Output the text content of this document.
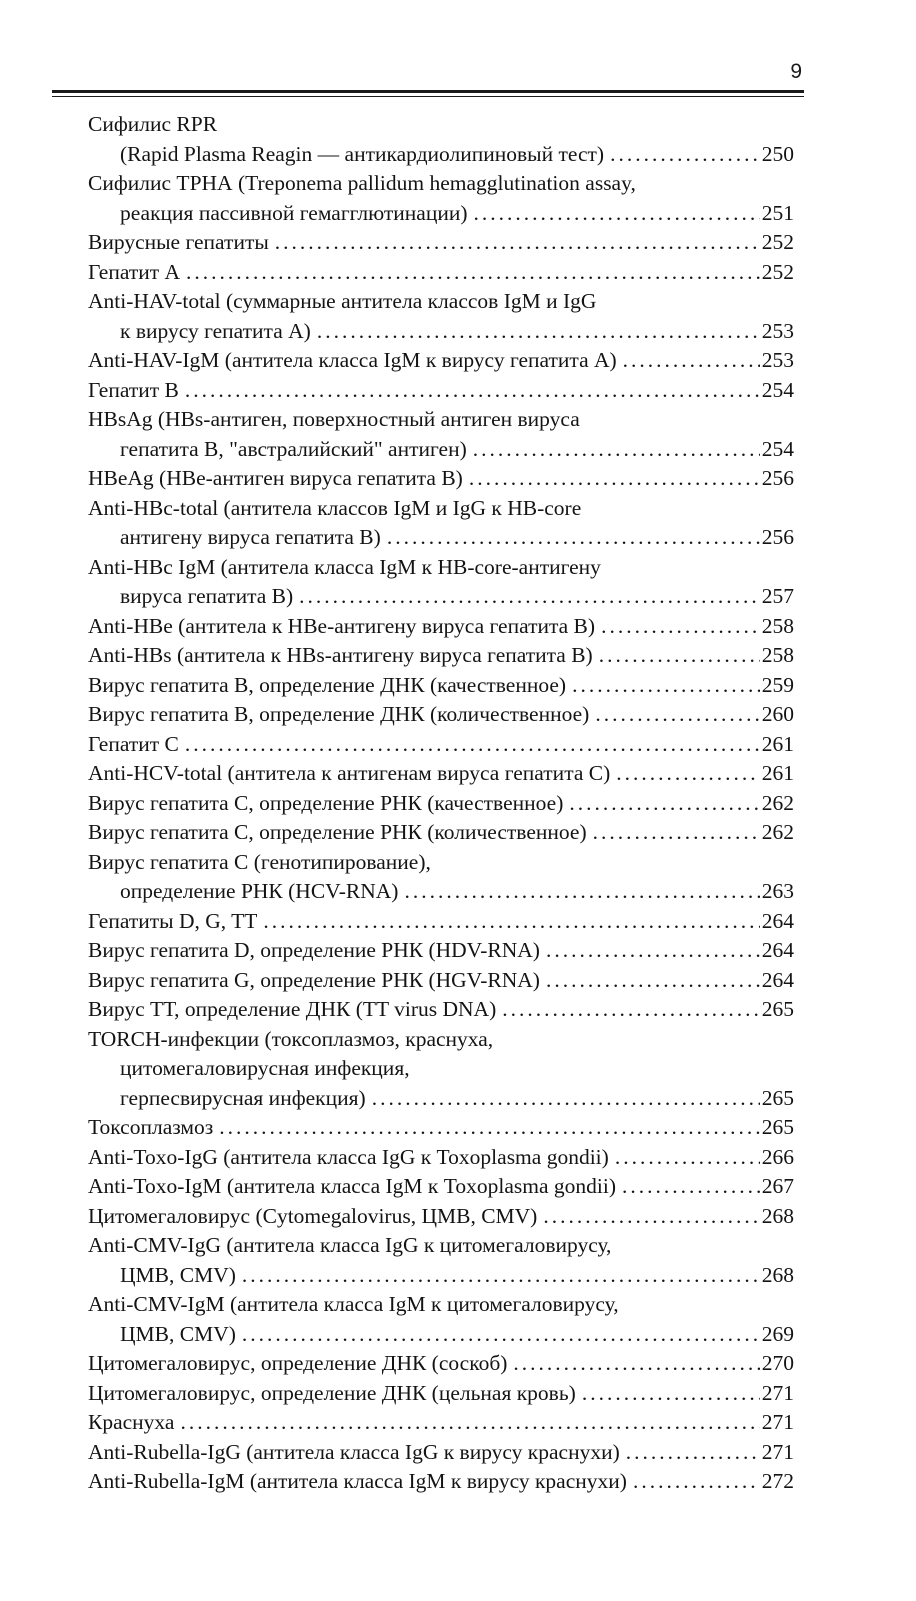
9
Сифилис RPR
(Rapid Plasma Reagin — антикардиолипиновый тест) .....	250
Сифилис ТРНА (Treponema pallidum hemagglutination assay,
реакция пассивной гемагглютинации) .....	251
Вирусные гепатиты .....	252
Гепатит А .....	252
Anti-HAV-total (суммарные антитела классов IgM и IgG
к вирусу гепатита А) .....	253
Anti-HAV-IgM (антитела класса IgM к вирусу гепатита А) .....	253
Гепатит В .....	254
HBsAg (HBs-антиген, поверхностный антиген вируса
гепатита В, "австралийский" антиген) .....	254
HBeAg (HBe-антиген вируса гепатита В) .....	256
Anti-HBc-total (антитела классов IgM и IgG к HB-core
антигену вируса гепатита В) .....	256
Anti-HBc IgM (антитела класса IgM к HB-core-антигену
вируса гепатита В) .....	257
Anti-HBe (антитела к HBe-антигену вируса гепатита В) .....	258
Anti-HBs (антитела к HBs-антигену вируса гепатита В) .....	258
Вирус гепатита В, определение ДНК (качественное) .....	259
Вирус гепатита В, определение ДНК (количественное) .....	260
Гепатит С .....	261
Anti-HCV-total (антитела к антигенам вируса гепатита С) .....	261
Вирус гепатита С, определение РНК (качественное) .....	262
Вирус гепатита С, определение РНК (количественное) .....	262
Вирус гепатита С (генотипирование),
определение РНК (HCV-RNA) .....	263
Гепатиты D, G, TT .....	264
Вирус гепатита D, определение РНК (HDV-RNA) .....	264
Вирус гепатита G, определение РНК (HGV-RNA) .....	264
Вирус ТТ, определение ДНК (TT virus DNA) .....	265
TORCH-инфекции (токсоплазмоз, краснуха,
цитомегаловирусная инфекция,
герпесвирусная инфекция) .....	265
Токсоплазмоз .....	265
Anti-Toxo-IgG (антитела класса IgG к Toxoplasma gondii) .....	266
Anti-Toxo-IgM (антитела класса IgM к Toxoplasma gondii) .....	267
Цитомегаловирус (Cytomegalovirus, ЦМВ, CMV) .....	268
Anti-CMV-IgG (антитела класса IgG к цитомегаловирусу,
ЦМВ, CMV) .....	268
Anti-CMV-IgM (антитела класса IgM к цитомегаловирусу,
ЦМВ, CMV) .....	269
Цитомегаловирус, определение ДНК (соскоб) .....	270
Цитомегаловирус, определение ДНК (цельная кровь) .....	271
Краснуха .....	271
Anti-Rubella-IgG (антитела класса IgG к вирусу краснухи) .....	271
Anti-Rubella-IgM (антитела класса IgM к вирусу краснухи) .....	272
